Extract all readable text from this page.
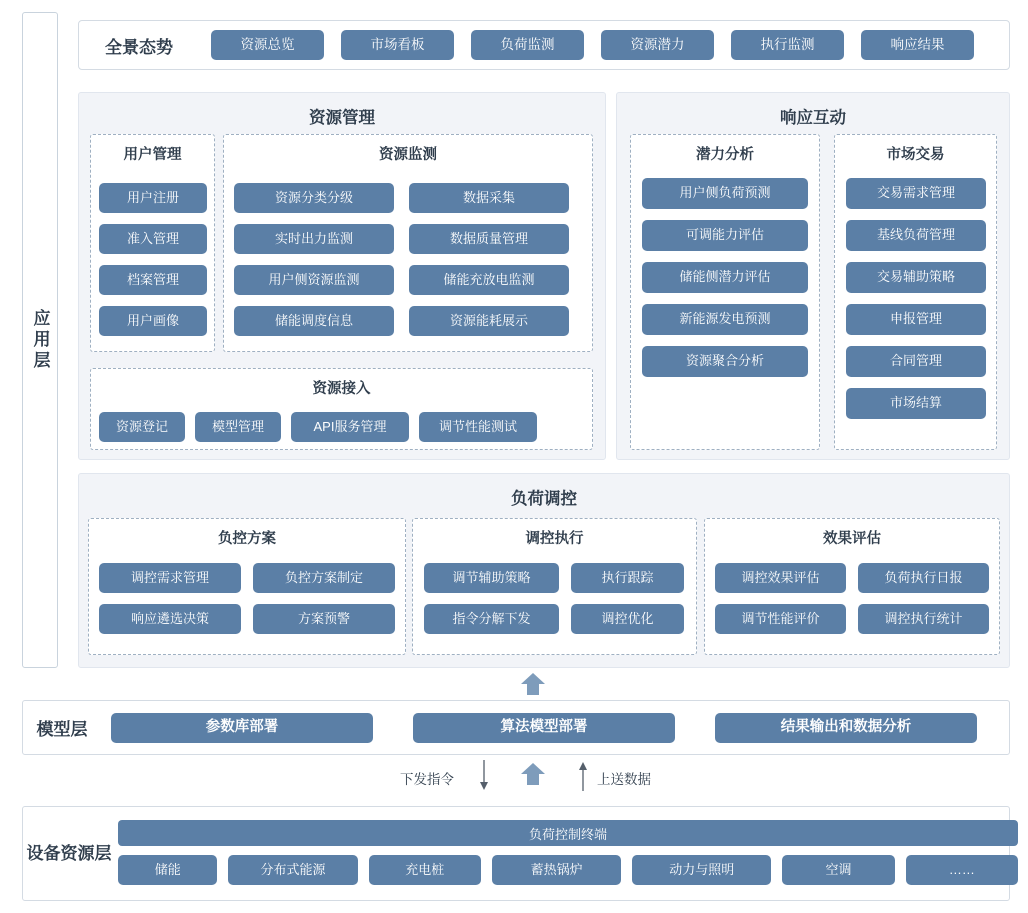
应用层
全景态势	资源总览	市场看板	负荷监测	资源潜力	执行监测	响应结果
资源管理
用户管理
用户注册
准入管理
档案管理
用户画像
资源监测
资源分类分级	数据采集
实时出力监测	数据质量管理
用户侧资源监测	储能充放电监测
储能调度信息	资源能耗展示
资源接入
资源登记	模型管理	API服务管理	调节性能测试
响应互动
潜力分析
用户侧负荷预测
可调能力评估
储能侧潜力评估
新能源发电预测
资源聚合分析
市场交易
交易需求管理
基线负荷管理
交易辅助策略
申报管理
合同管理
市场结算
负荷调控
负控方案
调控需求管理	负控方案制定
响应遴选决策	方案预警
调控执行
调节辅助策略	执行跟踪
指令分解下发	调控优化
效果评估
调控效果评估	负荷执行日报
调节性能评价	调控执行统计
模型层	参数库部署	算法模型部署	结果输出和数据分析
下发指令	上送数据
设备资源层
负荷控制终端
储能	分布式能源	充电桩	蓄热锅炉	动力与照明	空调	……
